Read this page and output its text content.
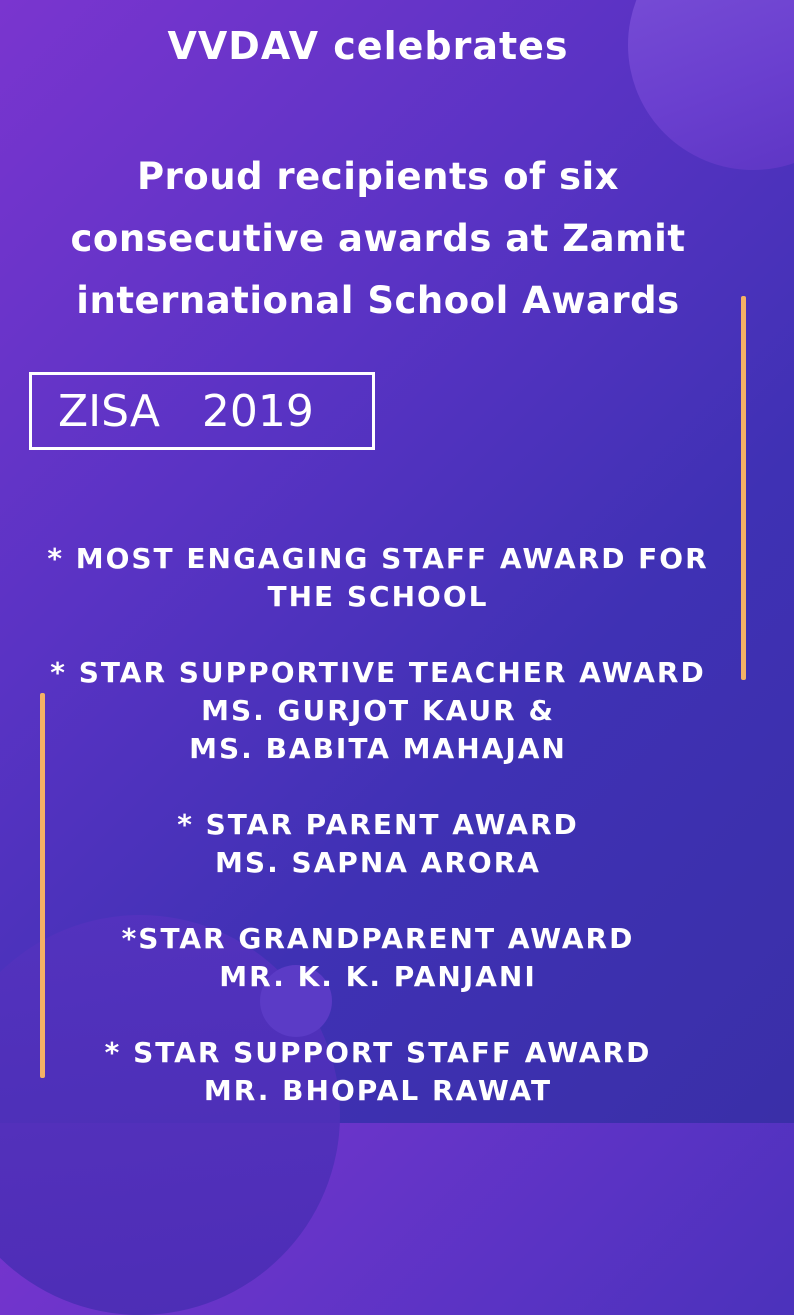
VVDAV celebrates
Proud recipients of six
consecutive awards at Zamit
international School Awards
ZISA   2019
* MOST ENGAGING STAFF AWARD FOR
THE SCHOOL
* STAR SUPPORTIVE TEACHER AWARD
MS. GURJOT KAUR &
MS. BABITA MAHAJAN
* STAR PARENT AWARD
MS. SAPNA ARORA
*STAR GRANDPARENT AWARD
MR. K. K. PANJANI
* STAR SUPPORT STAFF AWARD
MR. BHOPAL RAWAT
